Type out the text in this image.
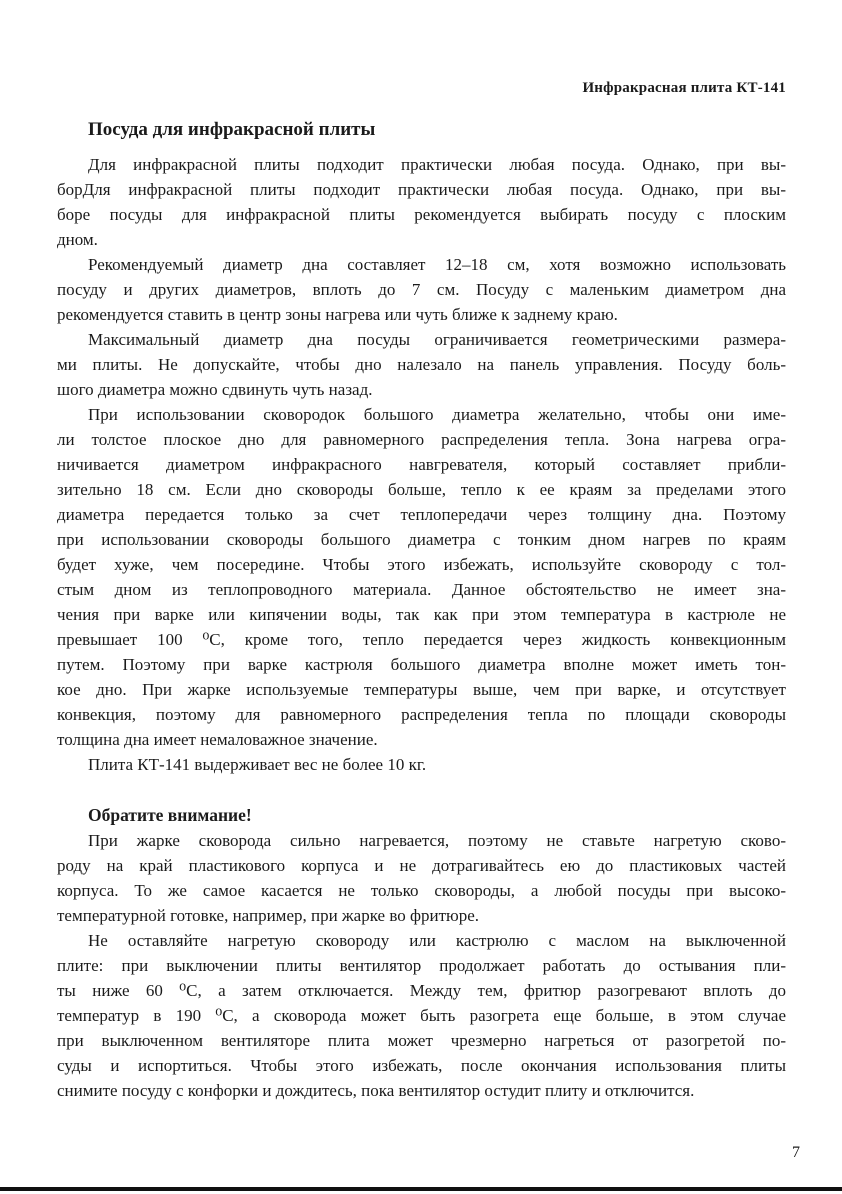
Инфракрасная плита КТ-141
Посуда для инфракрасной плиты
Для инфракрасной плиты подходит практически любая посуда. Однако, при вы-
борДля инфракрасной плиты подходит практически любая посуда. Однако, при вы-
боре посуды для инфракрасной плиты рекомендуется выбирать посуду с плоским
дном.
Рекомендуемый диаметр дна составляет 12–18 см, хотя возможно использовать
посуду и других диаметров, вплоть до 7 см. Посуду с маленьким диаметром дна
рекомендуется ставить в центр зоны нагрева или чуть ближе к заднему краю.
Максимальный диаметр дна посуды ограничивается геометрическими размера-
ми плиты. Не допускайте, чтобы дно налезало на панель управления. Посуду боль-
шого диаметра можно сдвинуть чуть назад.
При использовании сковородок большого диаметра желательно, чтобы они име-
ли толстое плоское дно для равномерного распределения тепла. Зона нагрева огра-
ничивается диаметром инфракрасного навгревателя, который составляет прибли-
зительно 18 см. Если дно сковороды больше, тепло к ее краям за пределами этого
диаметра передается только за счет теплопередачи через толщину дна. Поэтому
при использовании сковороды большого диаметра с тонким дном нагрев по краям
будет хуже, чем посередине. Чтобы этого избежать, используйте сковороду с тол-
стым дном из теплопроводного материала. Данное обстоятельство не имеет зна-
чения при варке или кипячении воды, так как при этом температура в кастрюле не
превышает 100 ⁰С, кроме того, тепло передается через жидкость конвекционным
путем. Поэтому при варке кастрюля большого диаметра вполне может иметь тон-
кое дно. При жарке используемые температуры выше, чем при варке, и отсутствует
конвекция, поэтому для равномерного распределения тепла по площади сковороды
толщина дна имеет немаловажное значение.
Плита КТ-141 выдерживает вес не более 10 кг.
Обратите внимание!
При жарке сковорода сильно нагревается, поэтому не ставьте нагретую сково-
роду на край пластикового корпуса и не дотрагивайтесь ею до пластиковых частей
корпуса. То же самое касается не только сковороды, а любой посуды при высоко-
температурной готовке, например, при жарке во фритюре.
Не оставляйте нагретую сковороду или кастрюлю с маслом на выключенной
плите: при выключении плиты вентилятор продолжает работать до остывания пли-
ты ниже 60 ⁰С, а затем отключается. Между тем, фритюр разогревают вплоть до
температур в 190 ⁰С, а сковорода может быть разогрета еще больше, в этом случае
при выключенном вентиляторе плита может чрезмерно нагреться от разогретой по-
суды и испортиться. Чтобы этого избежать, после окончания использования плиты
снимите посуду с конфорки и дождитесь, пока вентилятор остудит плиту и отключится.
7
